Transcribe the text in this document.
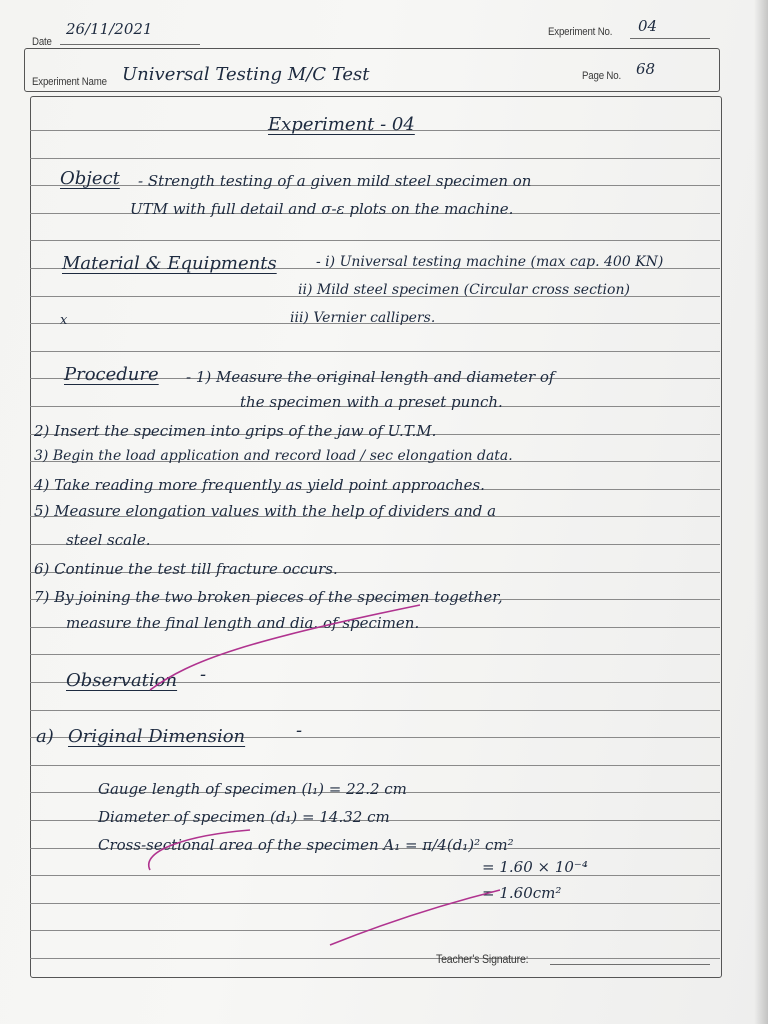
Date
26/11/2021	Experiment No. 04
Experiment Name Universal Testing M/C Test	Page No. 68
Experiment - 04
Object - Strength testing of a given mild steel specimen on
UTM with full detail and σ-ε plots on the machine.
Material & Equipments	- i) Universal testing machine (max cap. 400 KN)
ii) Mild steel specimen (Circular cross section)
iii) Vernier callipers.
x
Procedure - 1) Measure the original length and diameter of
the specimen with a preset punch.
2) Insert the specimen into grips of the jaw of U.T.M.
3) Begin the load application and record load / sec elongation data.
4) Take reading more frequently as yield point approaches.
5) Measure elongation values with the help of dividers and a
steel scale.
6) Continue the test till fracture occurs.
7) By joining the two broken pieces of the specimen together,
measure the final length and dia. of specimen.
Observation -
a) Original Dimension	-
Gauge length of specimen (l₁) = 22.2 cm
Diameter of specimen (d₁) = 14.32 cm
Cross-sectional area of the specimen A₁ = π/4(d₁)² cm²
= 1.60 × 10⁻⁴
= 1.60cm²
Teacher's Signature:
